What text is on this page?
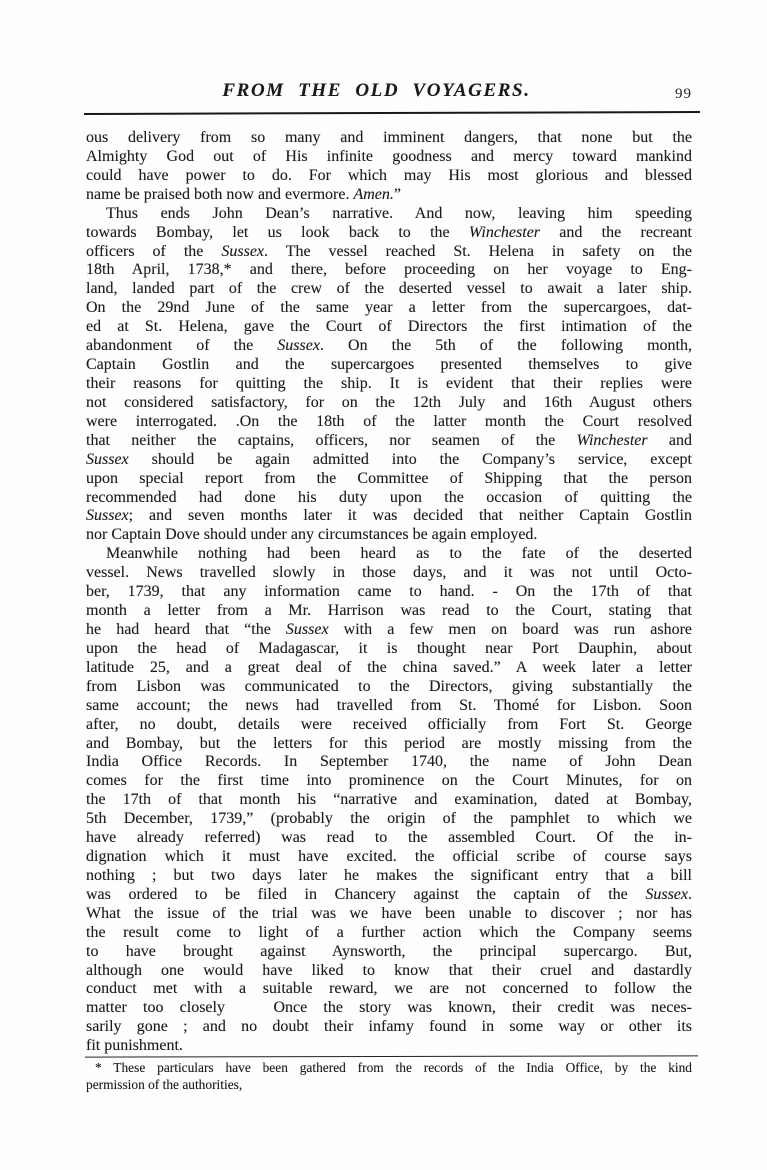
FROM THE OLD VOYAGERS.	99
ous delivery from so many and imminent dangers, that none but the
Almighty God out of His infinite goodness and mercy toward mankind
could have power to do. For which may His most glorious and blessed
name be praised both now and evermore. Amen.”
Thus ends John Dean’s narrative. And now, leaving him speeding
towards Bombay, let us look back to the Winchester and the recreant
officers of the Sussex. The vessel reached St. Helena in safety on the
18th April, 1738,* and there, before proceeding on her voyage to Eng-
land, landed part of the crew of the deserted vessel to await a later ship.
On the 29nd June of the same year a letter from the supercargoes, dat-
ed at St. Helena, gave the Court of Directors the first intimation of the
abandonment of the Sussex. On the 5th of the following month,
Captain Gostlin and the supercargoes presented themselves to give
their reasons for quitting the ship. It is evident that their replies were
not considered satisfactory, for on the 12th July and 16th August others
were interrogated. .On the 18th of the latter month the Court resolved
that neither the captains, officers, nor seamen of the Winchester and
Sussex should be again admitted into the Company’s service, except
upon special report from the Committee of Shipping that the person
recommended had done his duty upon the occasion of quitting the
Sussex; and seven months later it was decided that neither Captain Gostlin
nor Captain Dove should under any circumstances be again employed.
Meanwhile nothing had been heard as to the fate of the deserted
vessel. News travelled slowly in those days, and it was not until Octo-
ber, 1739, that any information came to hand. - On the 17th of that
month a letter from a Mr. Harrison was read to the Court, stating that
he had heard that “the Sussex with a few men on board was run ashore
upon the head of Madagascar, it is thought near Port Dauphin, about
latitude 25, and a great deal of the china saved.” A week later a letter
from Lisbon was communicated to the Directors, giving substantially the
same account; the news had travelled from St. Thomé for Lisbon. Soon
after, no doubt, details were received officially from Fort St. George
and Bombay, but the letters for this period are mostly missing from the
India Office Records. In September 1740, the name of John Dean
comes for the first time into prominence on the Court Minutes, for on
the 17th of that month his “narrative and examination, dated at Bombay,
5th December, 1739,” (probably the origin of the pamphlet to which we
have already referred) was read to the assembled Court. Of the in-
dignation which it must have excited. the official scribe of course says
nothing ; but two days later he makes the significant entry that a bill
was ordered to be filed in Chancery against the captain of the Sussex.
What the issue of the trial was we have been unable to discover ; nor has
the result come to light of a further action which the Company seems
to have brought against Aynsworth, the principal supercargo. But,
although one would have liked to know that their cruel and dastardly
conduct met with a suitable reward, we are not concerned to follow the
matter too closely   Once the story was known, their credit was neces-
sarily gone ; and no doubt their infamy found in some way or other its
fit punishment.
* These particulars have been gathered from the records of the India Office, by the kind
permission of the authorities,
